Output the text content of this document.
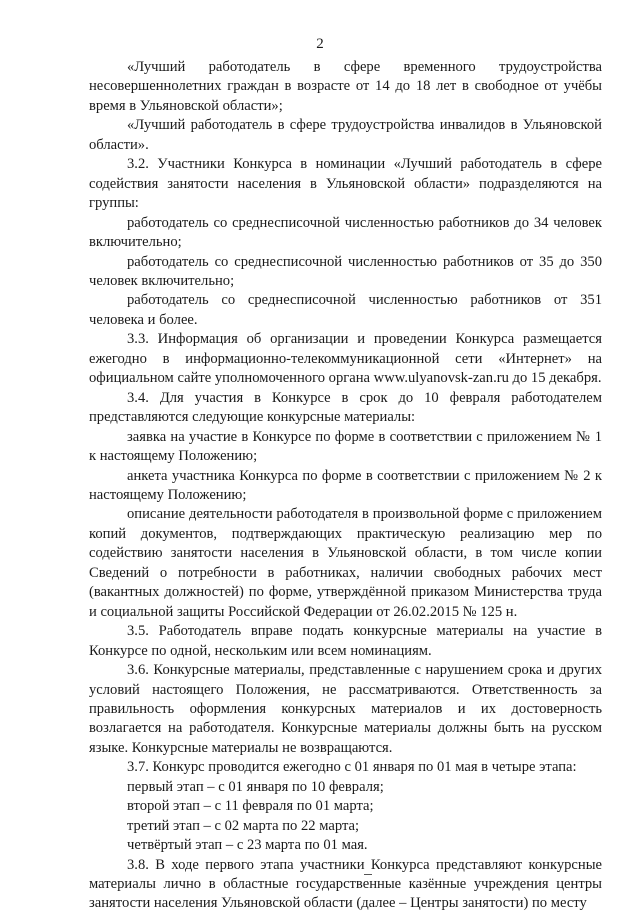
2

«Лучший работодатель в сфере временного трудоустройства несовершеннолетних граждан в возрасте от 14 до 18 лет в свободное от учёбы время в Ульяновской области»;

«Лучший работодатель в сфере трудоустройства инвалидов в Ульяновской области».

3.2. Участники Конкурса в номинации «Лучший работодатель в сфере содействия занятости населения в Ульяновской области» подразделяются на группы:

работодатель со среднесписочной численностью работников до 34 человек включительно;

работодатель со среднесписочной численностью работников от 35 до 350 человек включительно;

работодатель со среднесписочной численностью работников от 351 человека и более.

3.3. Информация об организации и проведении Конкурса размещается ежегодно в информационно-телекоммуникационной сети «Интернет» на официальном сайте уполномоченного органа www.ulyanovsk-zan.ru до 15 декабря.

3.4. Для участия в Конкурсе в срок до 10 февраля работодателем представляются следующие конкурсные материалы:

заявка на участие в Конкурсе по форме в соответствии с приложением № 1 к настоящему Положению;

анкета участника Конкурса по форме в соответствии с приложением № 2 к настоящему Положению;

описание деятельности работодателя в произвольной форме с приложением копий документов, подтверждающих практическую реализацию мер по содействию занятости населения в Ульяновской области, в том числе копии Сведений о потребности в работниках, наличии свободных рабочих мест (вакантных должностей) по форме, утверждённой приказом Министерства труда и социальной защиты Российской Федерации от 26.02.2015 № 125 н.

3.5. Работодатель вправе подать конкурсные материалы на участие в Конкурсе по одной, нескольким или всем номинациям.

3.6. Конкурсные материалы, представленные с нарушением срока и других условий настоящего Положения, не рассматриваются. Ответственность за правильность оформления конкурсных материалов и их достоверность возлагается на работодателя. Конкурсные материалы должны быть на русском языке. Конкурсные материалы не возвращаются.

3.7. Конкурс проводится ежегодно с 01 января по 01 мая в четыре этапа:

первый этап – с 01 января по 10 февраля;

второй этап – с 11 февраля по 01 марта;

третий этап – с 02 марта по 22 марта;

четвёртый этап – с 23 марта по 01 мая.

3.8. В ходе первого этапа участники Конкурса представляют конкурсные материалы лично в областные государственные казённые учреждения центры занятости населения Ульяновской области (далее – Центры занятости) по месту
